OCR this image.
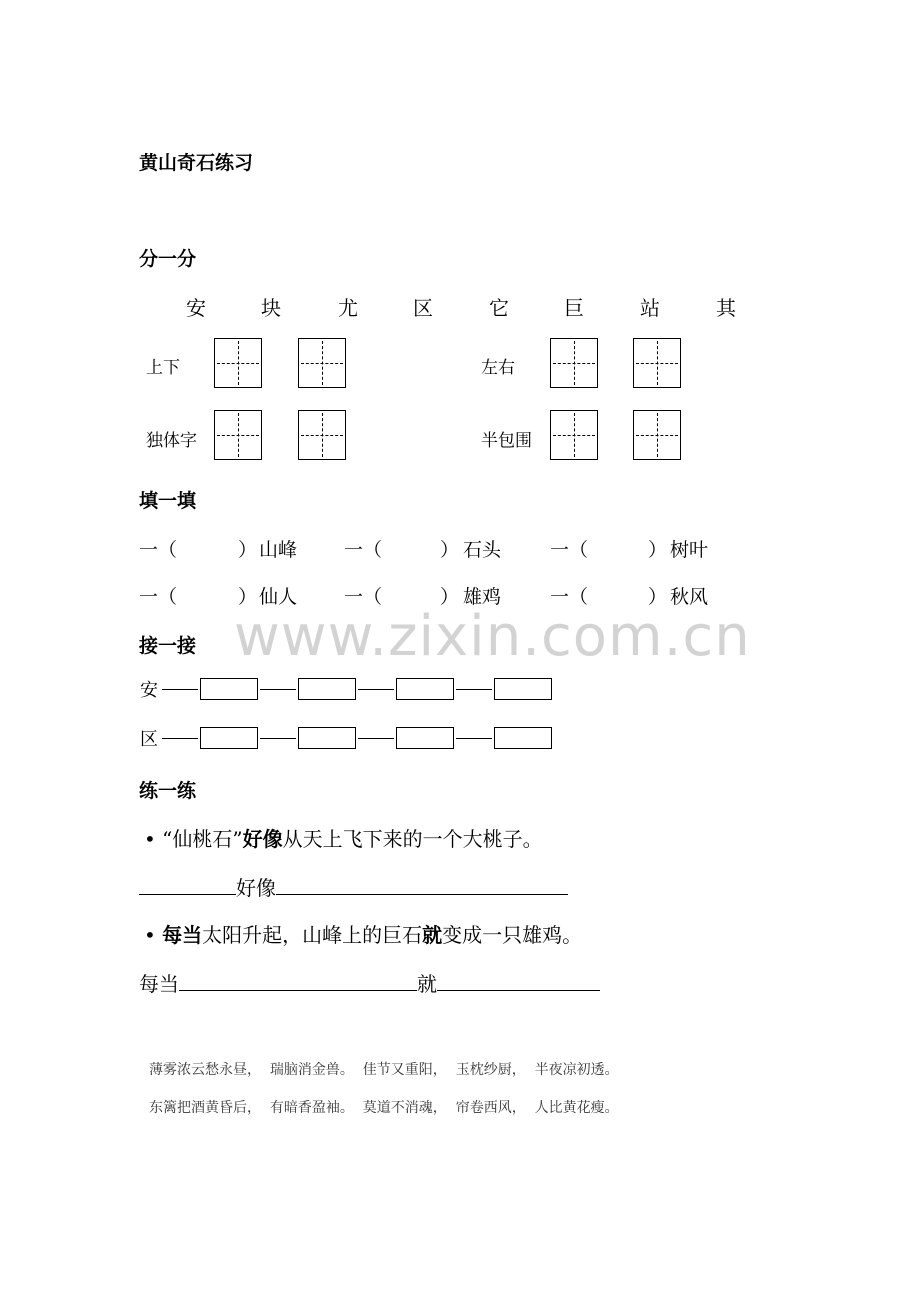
黄山奇石练习
分一分
安	块	尤	区	它	巨	站	其
上下	左右
独体字	半包围
填一填
一（	） 山峰 一（	） 石头	一（	） 树叶
一（	） 仙人 一（	） 雄鸡	一（	） 秋风
www.zixin.com.cn
接一接
安
区
练一练
• “仙桃石”好像从天上飞下来的一个大桃子。
好像
• 每当太阳升起，山峰上的巨石就变成一只雄鸡。
每当	就
薄雾浓云愁永昼，  瑞脑消金兽。  佳节又重阳，  玉枕纱厨，  半夜凉初透。
东篱把酒黄昏后，  有暗香盈袖。  莫道不消魂，  帘卷西风，  人比黄花瘦。
